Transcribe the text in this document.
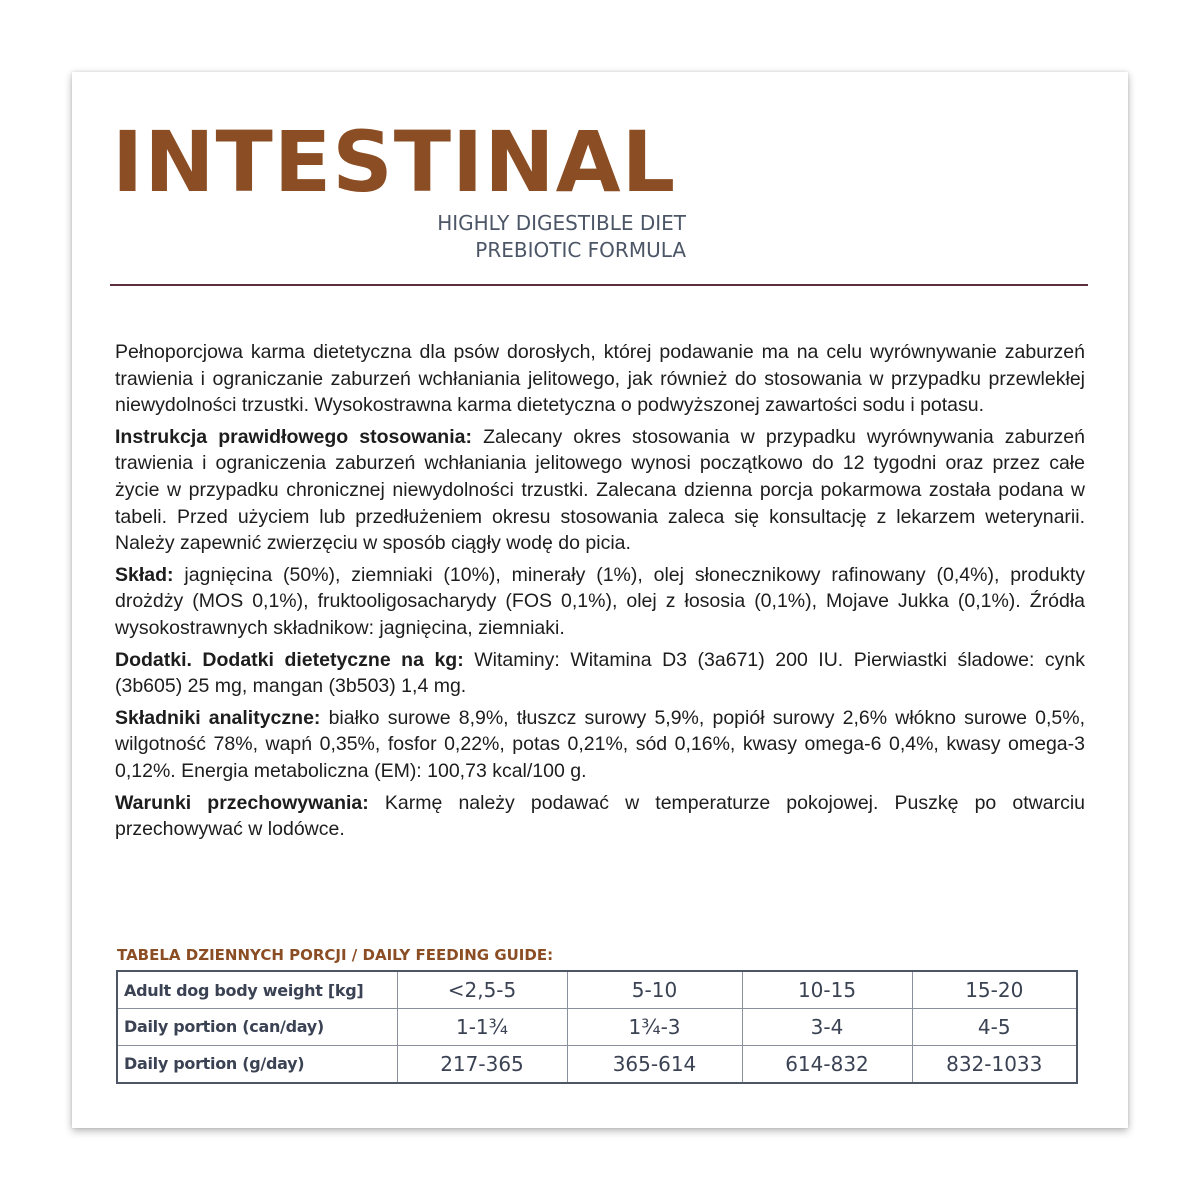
INTESTINAL
HIGHLY DIGESTIBLE DIET
PREBIOTIC FORMULA

Pełnoporcjowa karma dietetyczna dla psów dorosłych, której podawanie ma na celu wyrównywanie zaburzeń trawienia i ograniczanie zaburzeń wchłaniania jelitowego, jak również do stosowania w przypadku przewlekłej niewydolności trzustki. Wysokostrawna karma dietetyczna o podwyższonej zawartości sodu i potasu.

Instrukcja prawidłowego stosowania: Zalecany okres stosowania w przypadku wyrównywania zaburzeń trawienia i ograniczenia zaburzeń wchłaniania jelitowego wynosi początkowo do 12 tygodni oraz przez całe życie w przypadku chronicznej niewydolności trzustki. Zalecana dzienna porcja pokarmowa została podana w tabeli. Przed użyciem lub przedłużeniem okresu stosowania zaleca się konsultację z lekarzem weterynarii. Należy zapewnić zwierzęciu w sposób ciągły wodę do picia.

Skład: jagnięcina (50%), ziemniaki (10%), minerały (1%), olej słonecznikowy rafinowany (0,4%), produkty drożdży (MOS 0,1%), fruktooligosacharydy (FOS 0,1%), olej z łososia (0,1%), Mojave Jukka (0,1%). Źródła wysokostrawnych składnikow: jagnięcina, ziemniaki.

Dodatki. Dodatki dietetyczne na kg: Witaminy: Witamina D3 (3a671) 200 IU. Pierwiastki śladowe: cynk (3b605) 25 mg, mangan (3b503) 1,4 mg.

Składniki analityczne: białko surowe 8,9%, tłuszcz surowy 5,9%, popiół surowy 2,6% włókno surowe 0,5%, wilgotność 78%, wapń 0,35%, fosfor 0,22%, potas 0,21%, sód 0,16%, kwasy omega-6 0,4%, kwasy omega-3 0,12%. Energia metaboliczna (EM): 100,73 kcal/100 g.

Warunki przechowywania: Karmę należy podawać w temperaturze pokojowej. Puszkę po otwarciu przechowywać w lodówce.

TABELA DZIENNYCH PORCJI / DAILY FEEDING GUIDE:
Adult dog body weight [kg]	<2,5-5	5-10	10-15	15-20
Daily portion (can/day)	1-1¾	1¾-3	3-4	4-5
Daily portion (g/day)	217-365	365-614	614-832	832-1033
